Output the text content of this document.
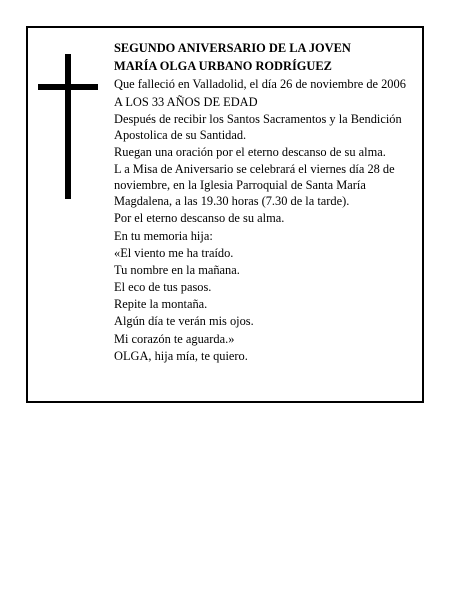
SEGUNDO ANIVERSARIO DE LA JOVEN
MARÍA OLGA URBANO RODRÍGUEZ
Que falleció en Valladolid, el día 26 de noviembre de 2006
A LOS 33 AÑOS DE EDAD
Después de recibir los Santos Sacramentos y la Bendición Apostolica de su Santidad.
Ruegan una oración por el eterno descanso de su alma.
L a Misa de Aniversario se celebrará el viernes día 28 de noviembre, en la Iglesia Parroquial de Santa María Magdalena, a las 19.30 horas (7.30 de la tarde).
Por el eterno descanso de su alma.
En tu memoria hija:
«El viento me ha traído.
Tu nombre en la mañana.
El eco de tus pasos.
Repite la montaña.
Algún día te verán mis ojos.
Mi corazón te aguarda.»
OLGA, hija mía, te quiero.
